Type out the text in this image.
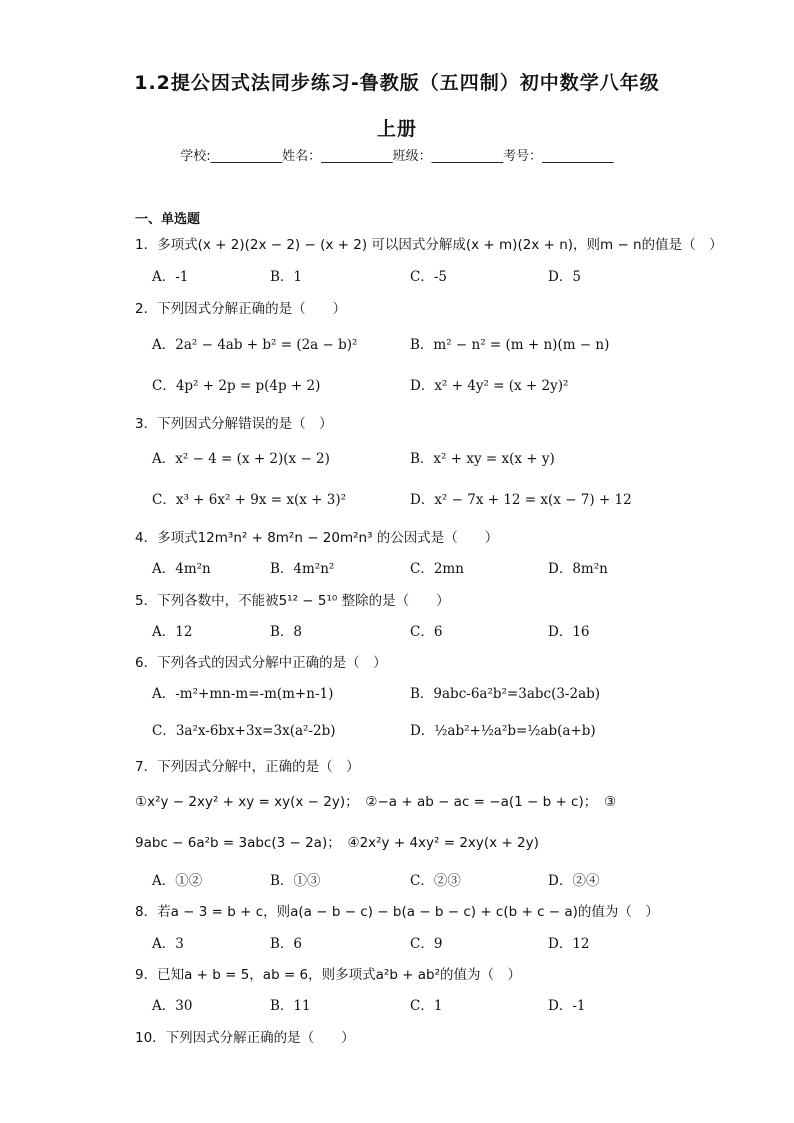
1.2提公因式法同步练习-鲁教版（五四制）初中数学八年级
上册
学校:___________姓名：___________班级：___________考号：___________
一、单选题
1．多项式(x + 2)(2x − 2) − (x + 2) 可以因式分解成(x + m)(2x + n)，则m − n的值是（　）
A．-1	B．1	C．-5	D．5
2．下列因式分解正确的是（　　）
A．2a² − 4ab + b² = (2a − b)²	B．m² − n² = (m + n)(m − n)
C．4p² + 2p = p(4p + 2)	D．x² + 4y² = (x + 2y)²
3．下列因式分解错误的是（　）
A．x² − 4 = (x + 2)(x − 2)	B．x² + xy = x(x + y)
C．x³ + 6x² + 9x = x(x + 3)²	D．x² − 7x + 12 = x(x − 7) + 12
4．多项式12m³n² + 8m²n − 20m²n³ 的公因式是（　　）
A．4m²n	B．4m²n²	C．2mn	D．8m²n
5．下列各数中，不能被5¹² − 5¹⁰ 整除的是（　　）
A．12	B．8	C．6	D．16
6．下列各式的因式分解中正确的是（　）
A．-m²+mn-m=-m(m+n-1)	B．9abc-6a²b²=3abc(3-2ab)
C．3a²x-6bx+3x=3x(a²-2b)	D．½ab²+½a²b=½ab(a+b)
7．下列因式分解中，正确的是（　）
①x²y − 2xy² + xy = xy(x − 2y)；　②−a + ab − ac = −a(1 − b + c)；　③
9abc − 6a²b = 3abc(3 − 2a)；　④2x²y + 4xy² = 2xy(x + 2y)
A．①②	B．①③	C．②③	D．②④
8．若a − 3 = b + c，则a(a − b − c) − b(a − b − c) + c(b + c − a)的值为（　）
A．3	B．6	C．9	D．12
9．已知a + b = 5，ab = 6，则多项式a²b + ab²的值为（　）
A．30	B．11	C．1	D．-1
10．下列因式分解正确的是（　　）
